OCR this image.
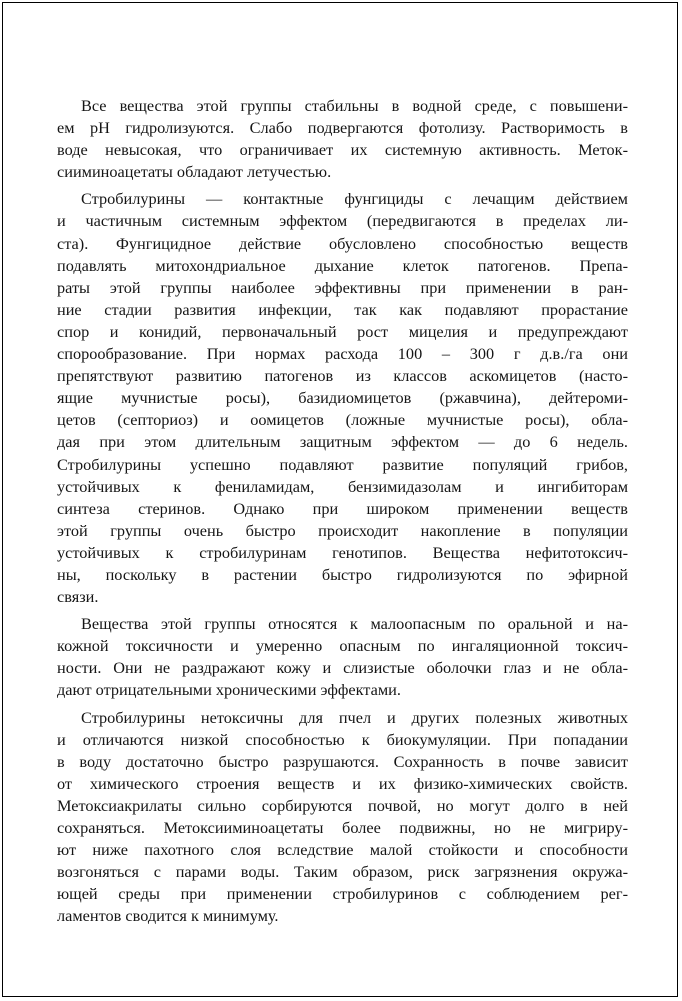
Все вещества этой группы стабильны в водной среде, с повышени-
ем pH гидролизуются. Слабо подвергаются фотолизу. Растворимость в
воде невысокая, что ограничивает их системную активность. Меток-
сииминоацетаты обладают летучестью.

Стробилурины — контактные фунгициды с лечащим действием
и частичным системным эффектом (передвигаются в пределах ли-
ста). Фунгицидное действие обусловлено способностью веществ
подавлять митохондриальное дыхание клеток патогенов. Препа-
раты этой группы наиболее эффективны при применении в ран-
ние стадии развития инфекции, так как подавляют прорастание
спор и конидий, первоначальный рост мицелия и предупреждают
спорообразование. При нормах расхода 100 – 300 г д.в./га они
препятствуют развитию патогенов из классов аскомицетов (насто-
ящие мучнистые росы), базидиомицетов (ржавчина), дейтероми-
цетов (септориоз) и оомицетов (ложные мучнистые росы), обла-
дая при этом длительным защитным эффектом — до 6 недель.
Стробилурины успешно подавляют развитие популяций грибов,
устойчивых к фениламидам, бензимидазолам и ингибиторам
синтеза стеринов. Однако при широком применении веществ
этой группы очень быстро происходит накопление в популяции
устойчивых к стробилуринам генотипов. Вещества нефитотоксич-
ны, поскольку в растении быстро гидролизуются по эфирной
связи.

Вещества этой группы относятся к малоопасным по оральной и на-
кожной токсичности и умеренно опасным по ингаляционной токсич-
ности. Они не раздражают кожу и слизистые оболочки глаз и не обла-
дают отрицательными хроническими эффектами.

Стробилурины нетоксичны для пчел и других полезных животных
и отличаются низкой способностью к биокумуляции. При попадании
в воду достаточно быстро разрушаются. Сохранность в почве зависит
от химического строения веществ и их физико-химических свойств.
Метоксиакрилаты сильно сорбируются почвой, но могут долго в ней
сохраняться. Метоксииминоацетаты более подвижны, но не мигриру-
ют ниже пахотного слоя вследствие малой стойкости и способности
возгоняться с парами воды. Таким образом, риск загрязнения окружа-
ющей среды при применении стробилуринов с соблюдением рег-
ламентов сводится к минимуму.
